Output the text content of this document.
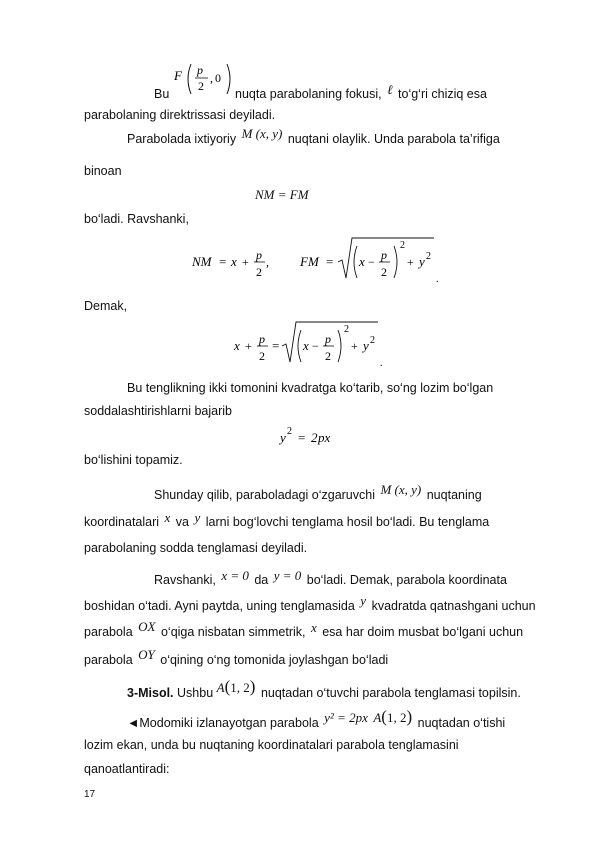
Bu
F p
2
, 0
nuqta parabolaning fokusi, ℓ to‘g‘ri chiziq esa
parabolaning direktrissasi deyiladi.
Parabolada ixtiyoriy M (x, y) nuqtani olaylik. Unda parabola ta’rifiga
binoan
NM = FM
bo‘ladi. Ravshanki,
NM = x + p
2
, FM = x − p
2
2
+ y 2
.
Demak,
x + p
2
= x − p
2
2
+ y 2
.
Bu tenglikning ikki tomonini kvadratga ko‘tarib, so‘ng lozim bo‘lgan
soddalashtirishlarni bajarib
y 2 = 2 px
bo‘lishini topamiz.
Shunday qilib, paraboladagi o‘zgaruvchi M (x, y) nuqtaning
koordinatalari x va y larni bog‘lovchi tenglama hosil bo‘ladi. Bu tenglama
parabolaning sodda tenglamasi deyiladi.
Ravshanki, x = 0 da y = 0 bo‘ladi. Demak, parabola koordinata
boshidan o‘tadi. Ayni paytda, uning tenglamasida y kvadratda qatnashgani uchun
parabola OX o‘qiga nisbatan simmetrik, x esa har doim musbat bo‘lgani uchun
parabola OY o‘qining o‘ng tomonida joylashgan bo‘ladi
3-Misol. Ushbu A(1, 2) nuqtadan o‘tuvchi parabola tenglamasi topilsin.
◄Modomiki izlanayotgan parabola y² = 2px A(1, 2) nuqtadan o‘tishi
lozim ekan, unda bu nuqtaning koordinatalari parabola tenglamasini
qanoatlantiradi:
17
